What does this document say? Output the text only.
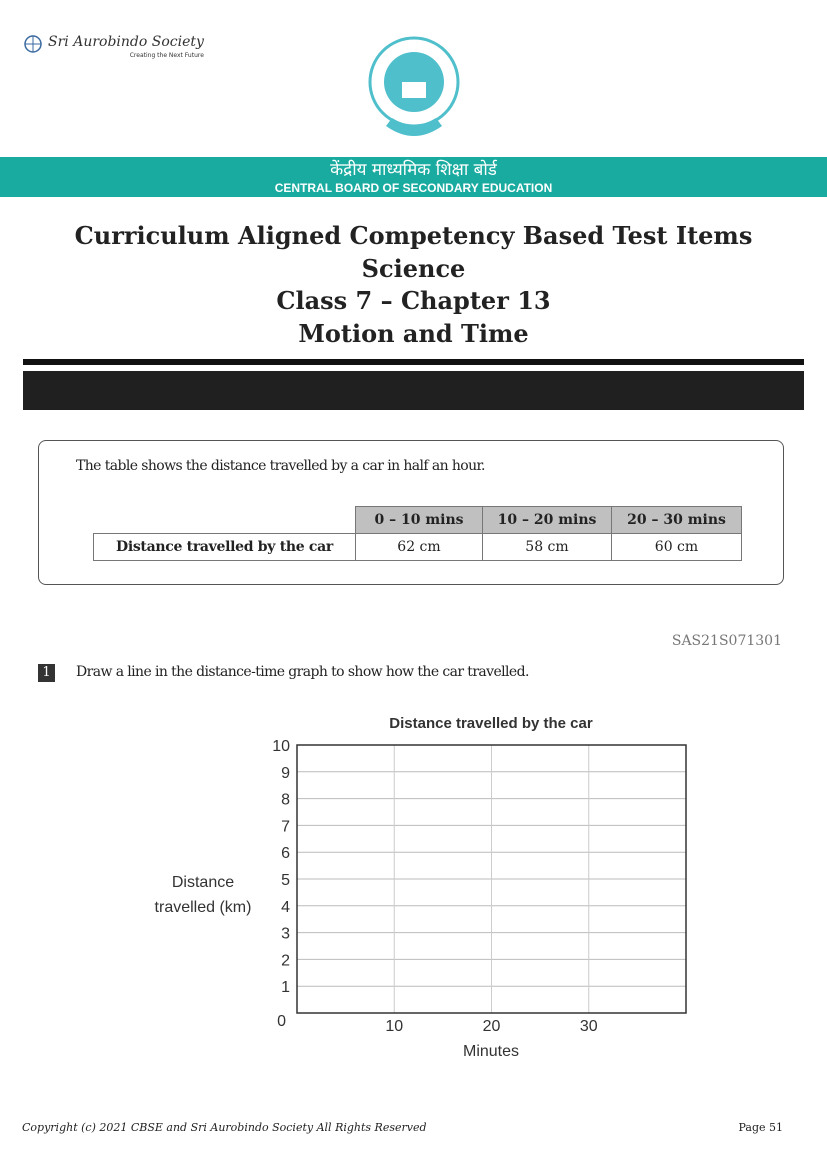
Sri Aurobindo Society
Creating the Next Future
केंद्रीय माध्यमिक शिक्षा बोर्ड
CENTRAL BOARD OF SECONDARY EDUCATION
Curriculum Aligned Competency Based Test Items
Science
Class 7 – Chapter 13
Motion and Time
The table shows the distance travelled by a car in half an hour.
	0 – 10 mins	10 – 20 mins	20 – 30 mins
Distance travelled by the car	62 cm	58 cm	60 cm
SAS21S071301
1	Draw a line in the distance-time graph to show how the car travelled.
Distance travelled by the car
0
1
2
3
4
5
6
7
8
9
10
10	20	30
Minutes
Distance
travelled (km)
Copyright (c) 2021 CBSE and Sri Aurobindo Society All Rights Reserved	Page 51
